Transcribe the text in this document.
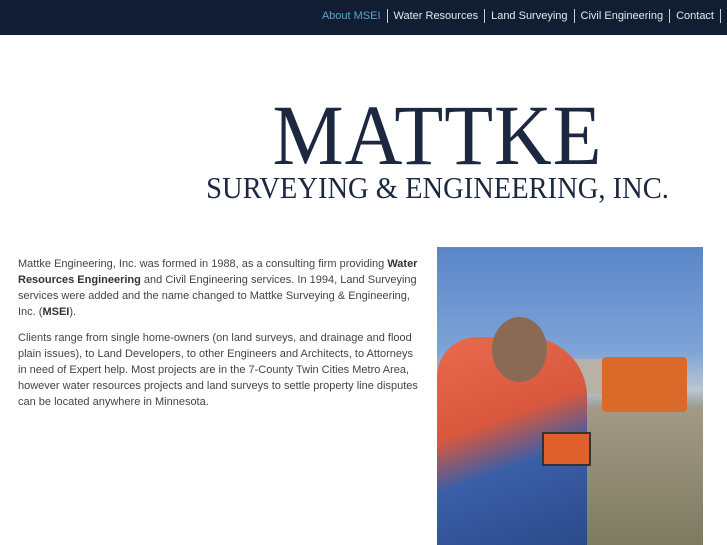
About MSEI	Water Resources	Land Surveying	Civil Engineering	Contact
MATTKE
SURVEYING & ENGINEERING, INC.

Mattke Engineering, Inc. was formed in 1988, as a consulting firm providing Water Resources Engineering and Civil Engineering services. In 1994, Land Surveying services were added and the name changed to Mattke Surveying & Engineering, Inc. (MSEI).

Clients range from single home-owners (on land surveys, and drainage and flood plain issues), to Land Developers, to other Engineers and Architects, to Attorneys in need of Expert help. Most projects are in the 7-County Twin Cities Metro Area, however water resources projects and land surveys to settle property line disputes can be located anywhere in Minnesota.
